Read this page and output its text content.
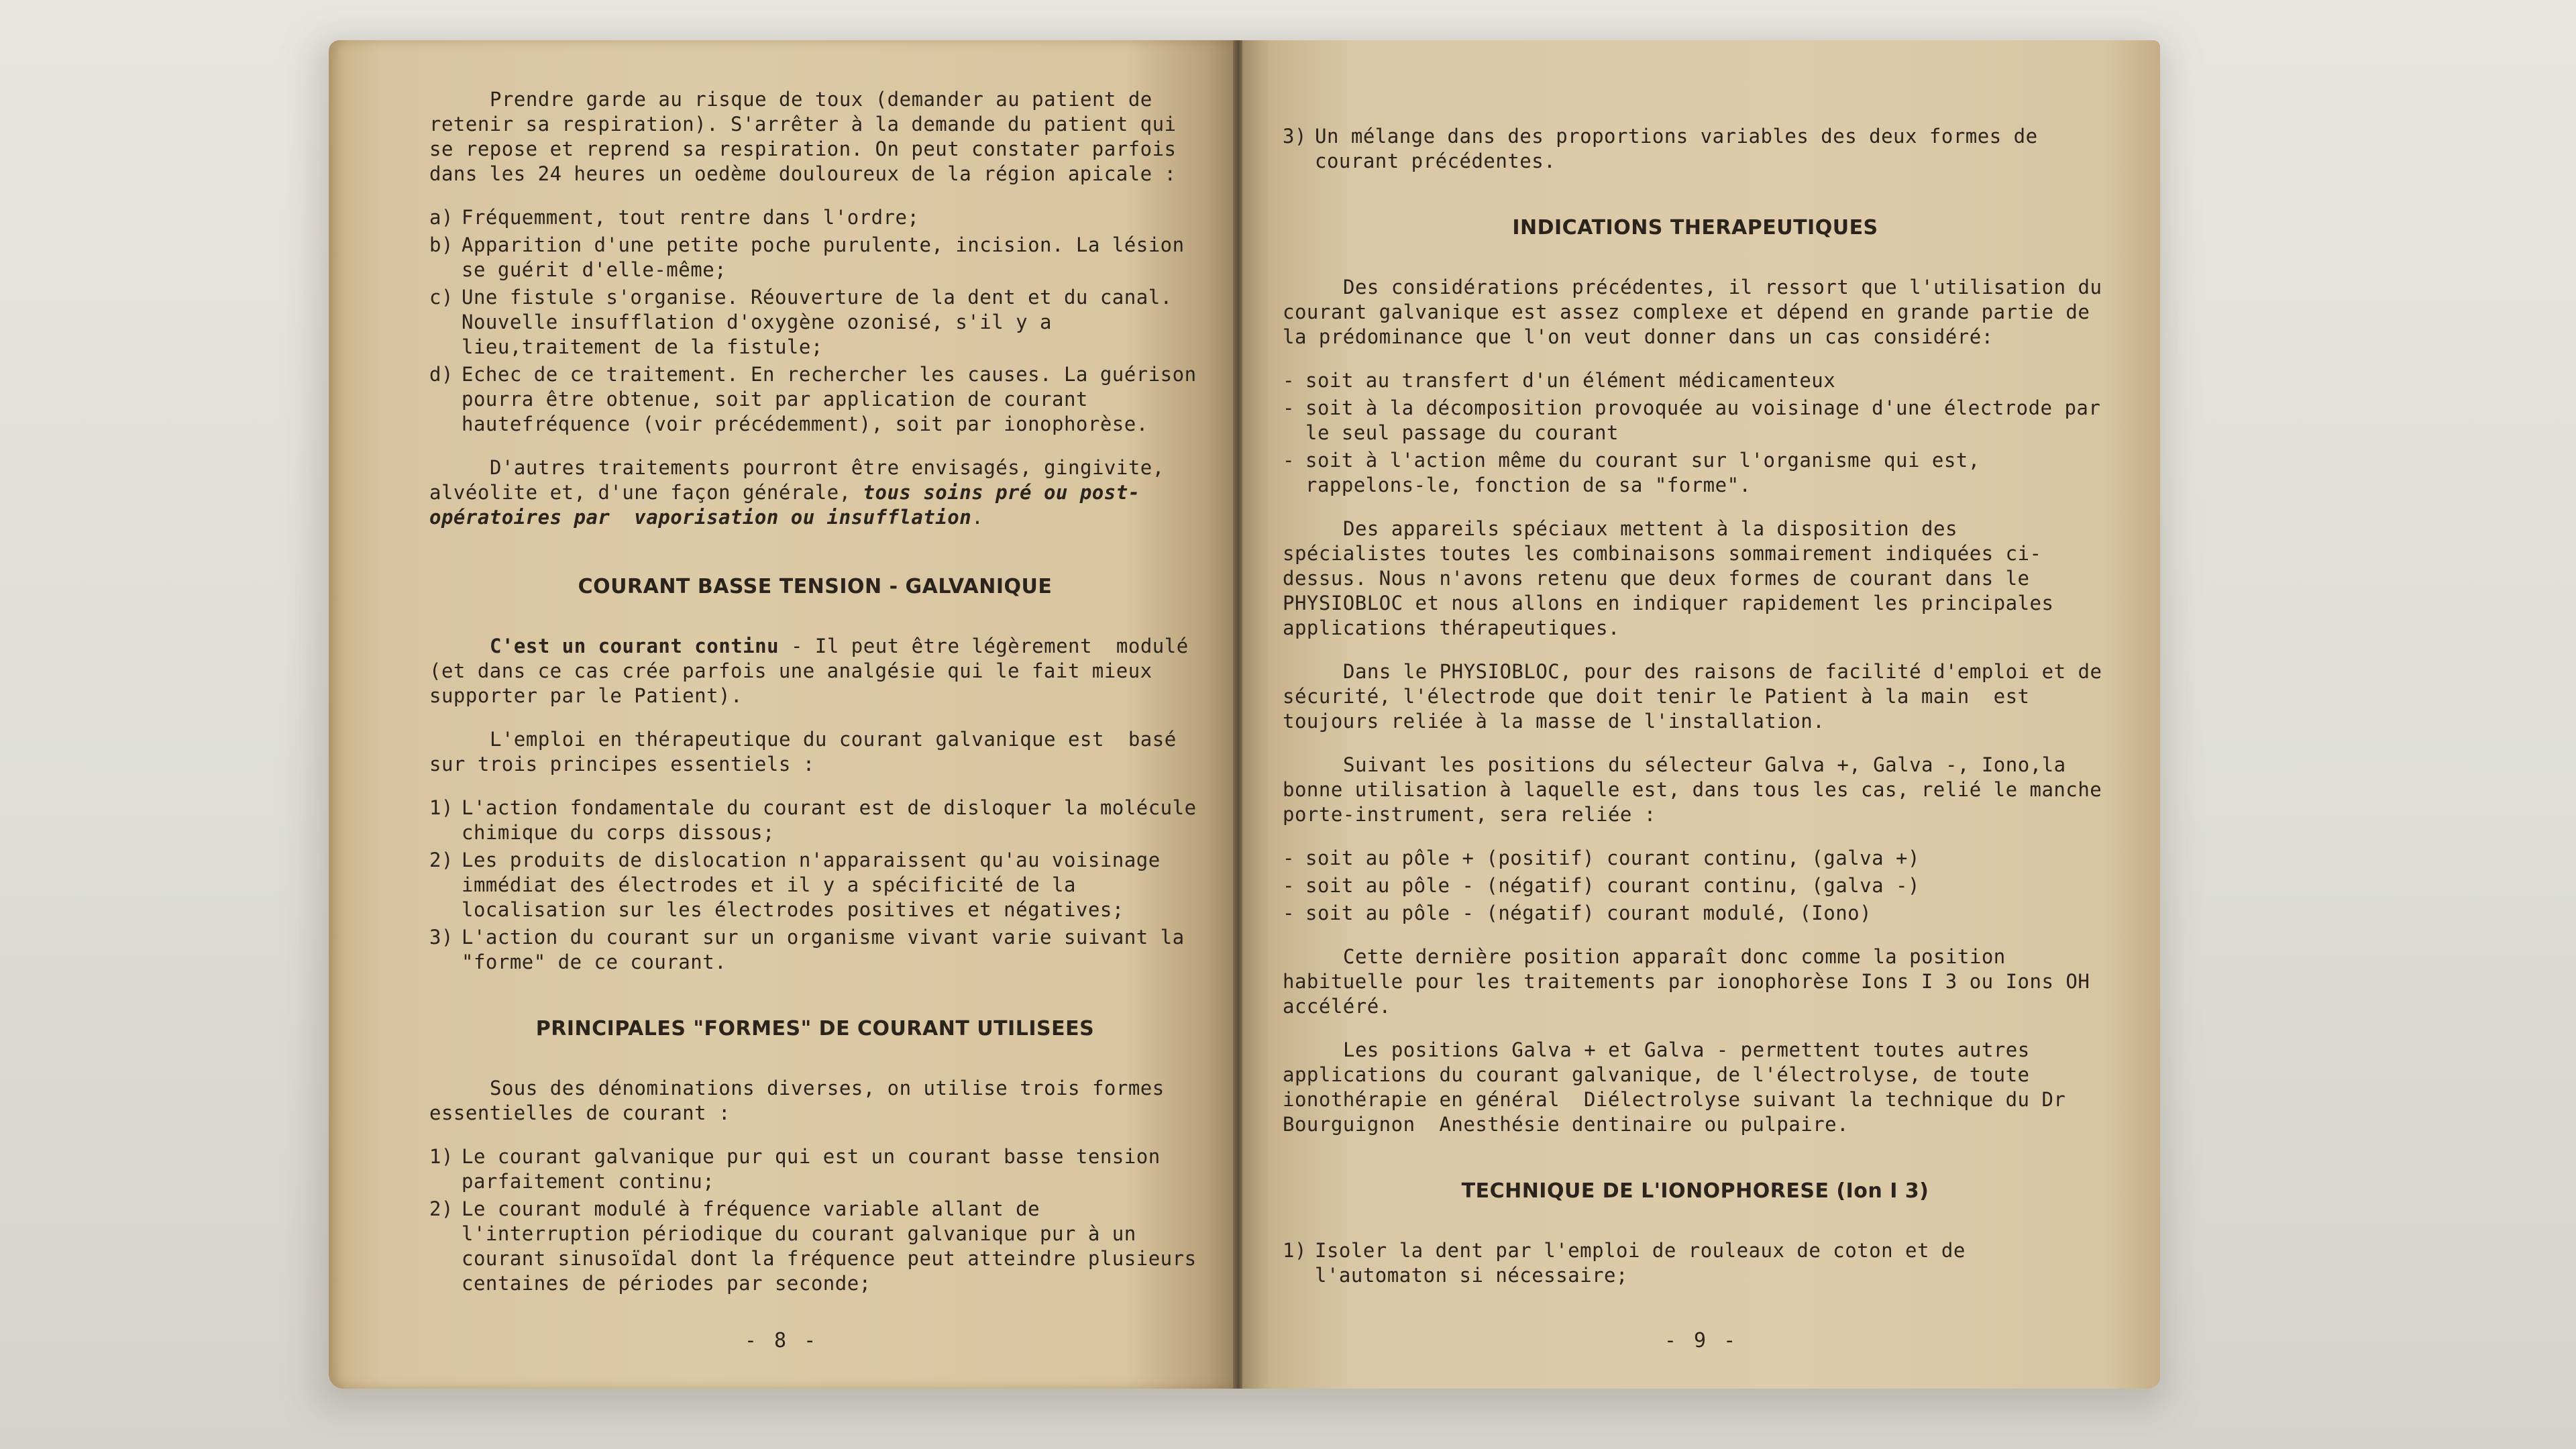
Prendre garde au risque de toux (demander au patient de retenir sa respiration). S'arrêter à la demande du patient qui se repose et reprend sa respiration. On peut constater parfois dans les 24 heures un oedème douloureux de la région apicale :

a) Fréquemment, tout rentre dans l'ordre;
b) Apparition d'une petite poche purulente, incision. La lésion se guérit d'elle-même;
c) Une fistule s'organise. Réouverture de la dent et du canal. Nouvelle insufflation d'oxygène ozonisé, s'il y a lieu,traitement de la fistule;
d) Echec de ce traitement. En rechercher les causes. La guérison pourra être obtenue, soit par application de courant hautefréquence (voir précédemment), soit par ionophorèse.

D'autres traitements pourront être envisagés, gingivite, alvéolite et, d'une façon générale, tous soins pré ou post-opératoires par  vaporisation ou insufflation.

COURANT BASSE TENSION - GALVANIQUE

C'est un courant continu - Il peut être légèrement  modulé (et dans ce cas crée parfois une analgésie qui le fait mieux supporter par le Patient).

L'emploi en thérapeutique du courant galvanique est  basé sur trois principes essentiels :

1) L'action fondamentale du courant est de disloquer la molécule chimique du corps dissous;
2) Les produits de dislocation n'apparaissent qu'au voisinage immédiat des électrodes et il y a spécificité de la localisation sur les électrodes positives et négatives;
3) L'action du courant sur un organisme vivant varie suivant la "forme" de ce courant.
PRINCIPALES "FORMES" DE COURANT UTILISEES

Sous des dénominations diverses, on utilise trois formes essentielles de courant :

1) Le courant galvanique pur qui est un courant basse tension parfaitement continu;
2) Le courant modulé à fréquence variable allant de l'interruption périodique du courant galvanique pur à un courant sinusoïdal dont la fréquence peut atteindre plusieurs centaines de périodes par seconde;
- 8 -
3) Un mélange dans des proportions variables des deux formes de courant précédentes.
INDICATIONS THERAPEUTIQUES

Des considérations précédentes, il ressort que l'utilisation du courant galvanique est assez complexe et dépend en grande partie de la prédominance que l'on veut donner dans un cas considéré:

- soit au transfert d'un élément médicamenteux
- soit à la décomposition provoquée au voisinage d'une électrode par le seul passage du courant
- soit à l'action même du courant sur l'organisme qui est, rappelons-le, fonction de sa "forme".

Des appareils spéciaux mettent à la disposition des spécialistes toutes les combinaisons sommairement indiquées ci-dessus. Nous n'avons retenu que deux formes de courant dans le PHYSIOBLOC et nous allons en indiquer rapidement les principales applications thérapeutiques.

Dans le PHYSIOBLOC, pour des raisons de facilité d'emploi et de sécurité, l'électrode que doit tenir le Patient à la main  est toujours reliée à la masse de l'installation.

Suivant les positions du sélecteur Galva +, Galva -, Iono,la bonne utilisation à laquelle est, dans tous les cas, relié le manche porte-instrument, sera reliée :

- soit au pôle + (positif) courant continu, (galva +)
- soit au pôle - (négatif) courant continu, (galva -)
- soit au pôle - (négatif) courant modulé, (Iono)

Cette dernière position apparaît donc comme la position habituelle pour les traitements par ionophorèse Ions I 3 ou Ions OH accéléré.

Les positions Galva + et Galva - permettent toutes autres applications du courant galvanique, de l'électrolyse, de toute ionothérapie en général  Diélectrolyse suivant la technique du Dr Bourguignon  Anesthésie dentinaire ou pulpaire.

TECHNIQUE DE L'IONOPHORESE (Ion I 3)
1) Isoler la dent par l'emploi de rouleaux de coton et de l'automaton si nécessaire;
- 9 -
